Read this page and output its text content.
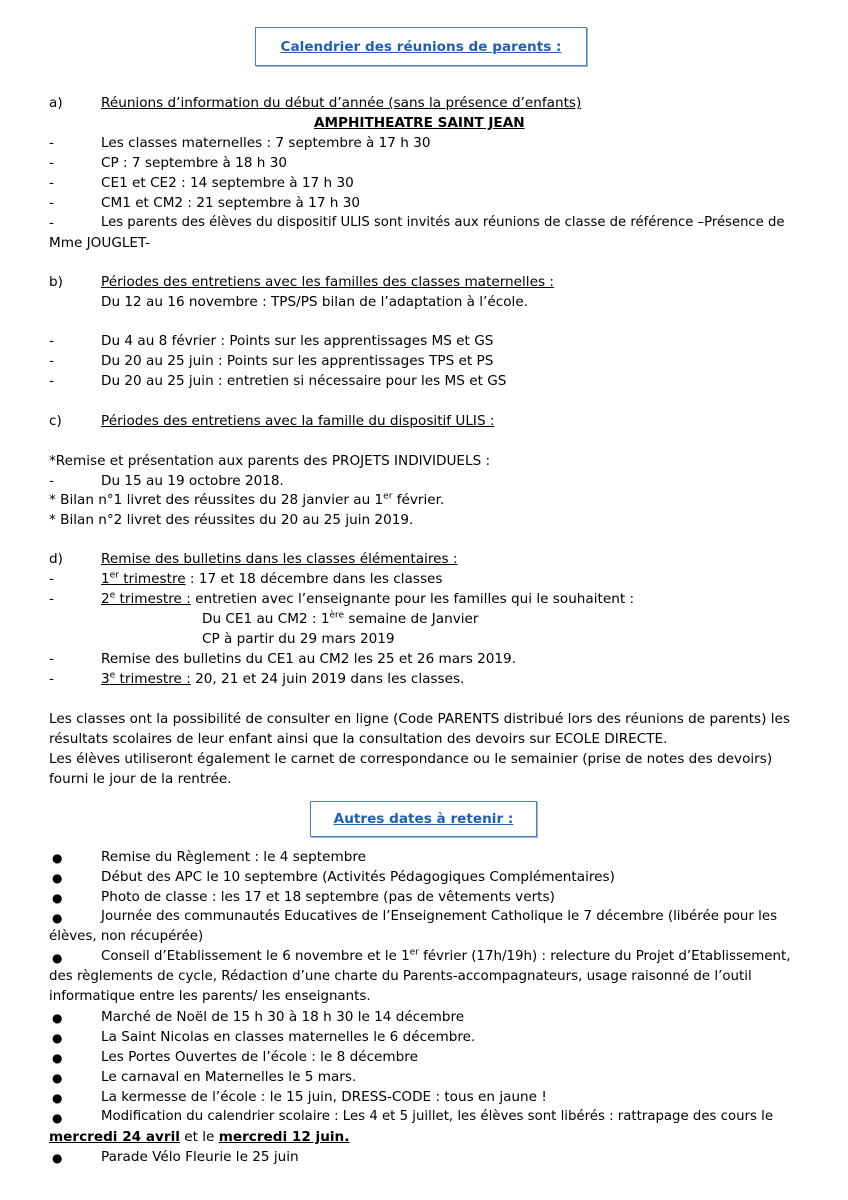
Calendrier des réunions de parents :
a)	Réunions d’information du début d’année (sans la présence d’enfants)
AMPHITHEATRE SAINT JEAN
-	Les classes maternelles : 7 septembre à 17 h 30
-	CP : 7 septembre à 18 h 30
-	CE1 et CE2 : 14 septembre à 17 h 30
-	CM1 et CM2 : 21 septembre à 17 h 30
-	Les parents des élèves du dispositif ULIS sont invités aux réunions de classe de référence –Présence de
Mme JOUGLET-
b)	Périodes des entretiens avec les familles des classes maternelles :
Du 12 au 16 novembre : TPS/PS bilan de l’adaptation à l’école.
-	Du 4 au 8 février : Points sur les apprentissages MS et GS
-	Du 20 au 25 juin : Points sur les apprentissages TPS et PS
-	Du 20 au 25 juin : entretien si nécessaire pour les MS et GS
c)	Périodes des entretiens avec la famille du dispositif ULIS :
*Remise et présentation aux parents des PROJETS INDIVIDUELS :
-	Du 15 au 19 octobre 2018.
* Bilan n°1 livret des réussites du 28 janvier au 1er février.
* Bilan n°2 livret des réussites du 20 au 25 juin 2019.
d)	Remise des bulletins dans les classes élémentaires :
-	1er trimestre : 17 et 18 décembre dans les classes
-	2e trimestre : entretien avec l’enseignante pour les familles qui le souhaitent :
Du CE1 au CM2 : 1ère semaine de Janvier
CP à partir du 29 mars 2019
-	Remise des bulletins du CE1 au CM2 les 25 et 26 mars 2019.
-	3e trimestre : 20, 21 et 24 juin 2019 dans les classes.
Les classes ont la possibilité de consulter en ligne (Code PARENTS distribué lors des réunions de parents) les résultats scolaires de leur enfant ainsi que la consultation des devoirs sur ECOLE DIRECTE.
Les élèves utiliseront également le carnet de correspondance ou le semainier (prise de notes des devoirs) fourni le jour de la rentrée.
Autres dates à retenir :
●	Remise du Règlement : le 4 septembre
●	Début des APC le 10 septembre (Activités Pédagogiques Complémentaires)
●	Photo de classe : les 17 et 18 septembre (pas de vêtements verts)
●	Journée des communautés Educatives de l’Enseignement Catholique le 7 décembre (libérée pour les élèves, non récupérée)
●	Conseil d’Etablissement le 6 novembre et le 1er février (17h/19h) : relecture du Projet d’Etablissement, des règlements de cycle, Rédaction d’une charte du Parents-accompagnateurs, usage raisonné de l’outil informatique entre les parents/ les enseignants.
●	Marché de Noël de 15 h 30 à 18 h 30 le 14 décembre
●	La Saint Nicolas en classes maternelles le 6 décembre.
●	Les Portes Ouvertes de l’école : le 8 décembre
●	Le carnaval en Maternelles le 5 mars.
●	La kermesse de l’école : le 15 juin, DRESS-CODE : tous en jaune !
●	Modification du calendrier scolaire : Les 4 et 5 juillet, les élèves sont libérés : rattrapage des cours le
mercredi 24 avril et le mercredi 12 juin.
●	Parade Vélo Fleurie le 25 juin
